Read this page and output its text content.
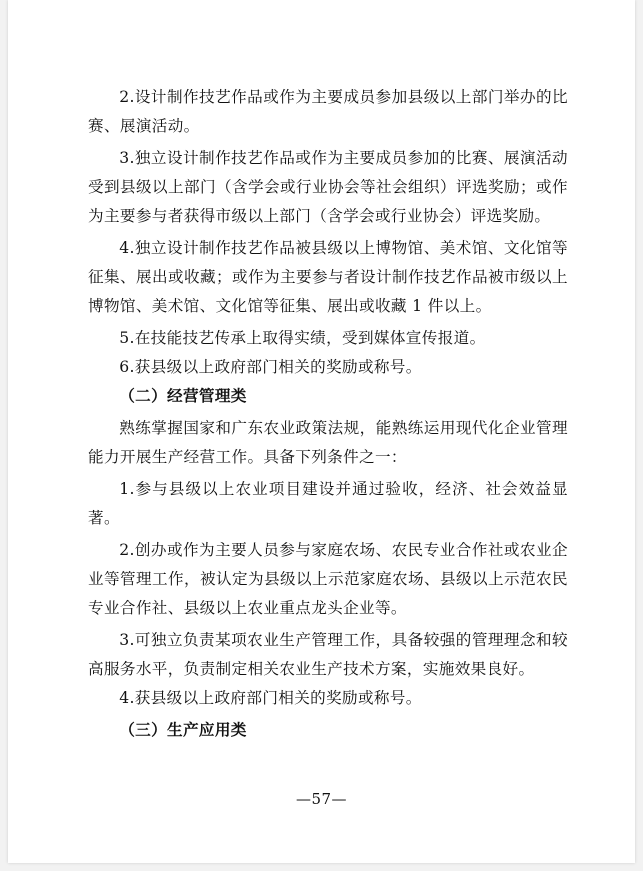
2.设计制作技艺作品或作为主要成员参加县级以上部门举办的比赛、展演活动。

3.独立设计制作技艺作品或作为主要成员参加的比赛、展演活动受到县级以上部门（含学会或行业协会等社会组织）评选奖励；或作为主要参与者获得市级以上部门（含学会或行业协会）评选奖励。

4.独立设计制作技艺作品被县级以上博物馆、美术馆、文化馆等征集、展出或收藏；或作为主要参与者设计制作技艺作品被市级以上博物馆、美术馆、文化馆等征集、展出或收藏 1 件以上。

5.在技能技艺传承上取得实绩，受到媒体宣传报道。

6.获县级以上政府部门相关的奖励或称号。

（二）经营管理类

熟练掌握国家和广东农业政策法规，能熟练运用现代化企业管理能力开展生产经营工作。具备下列条件之一：

1.参与县级以上农业项目建设并通过验收，经济、社会效益显著。

2.创办或作为主要人员参与家庭农场、农民专业合作社或农业企业等管理工作，被认定为县级以上示范家庭农场、县级以上示范农民专业合作社、县级以上农业重点龙头企业等。

3.可独立负责某项农业生产管理工作，具备较强的管理理念和较高服务水平，负责制定相关农业生产技术方案，实施效果良好。

4.获县级以上政府部门相关的奖励或称号。

（三）生产应用类

—57—
